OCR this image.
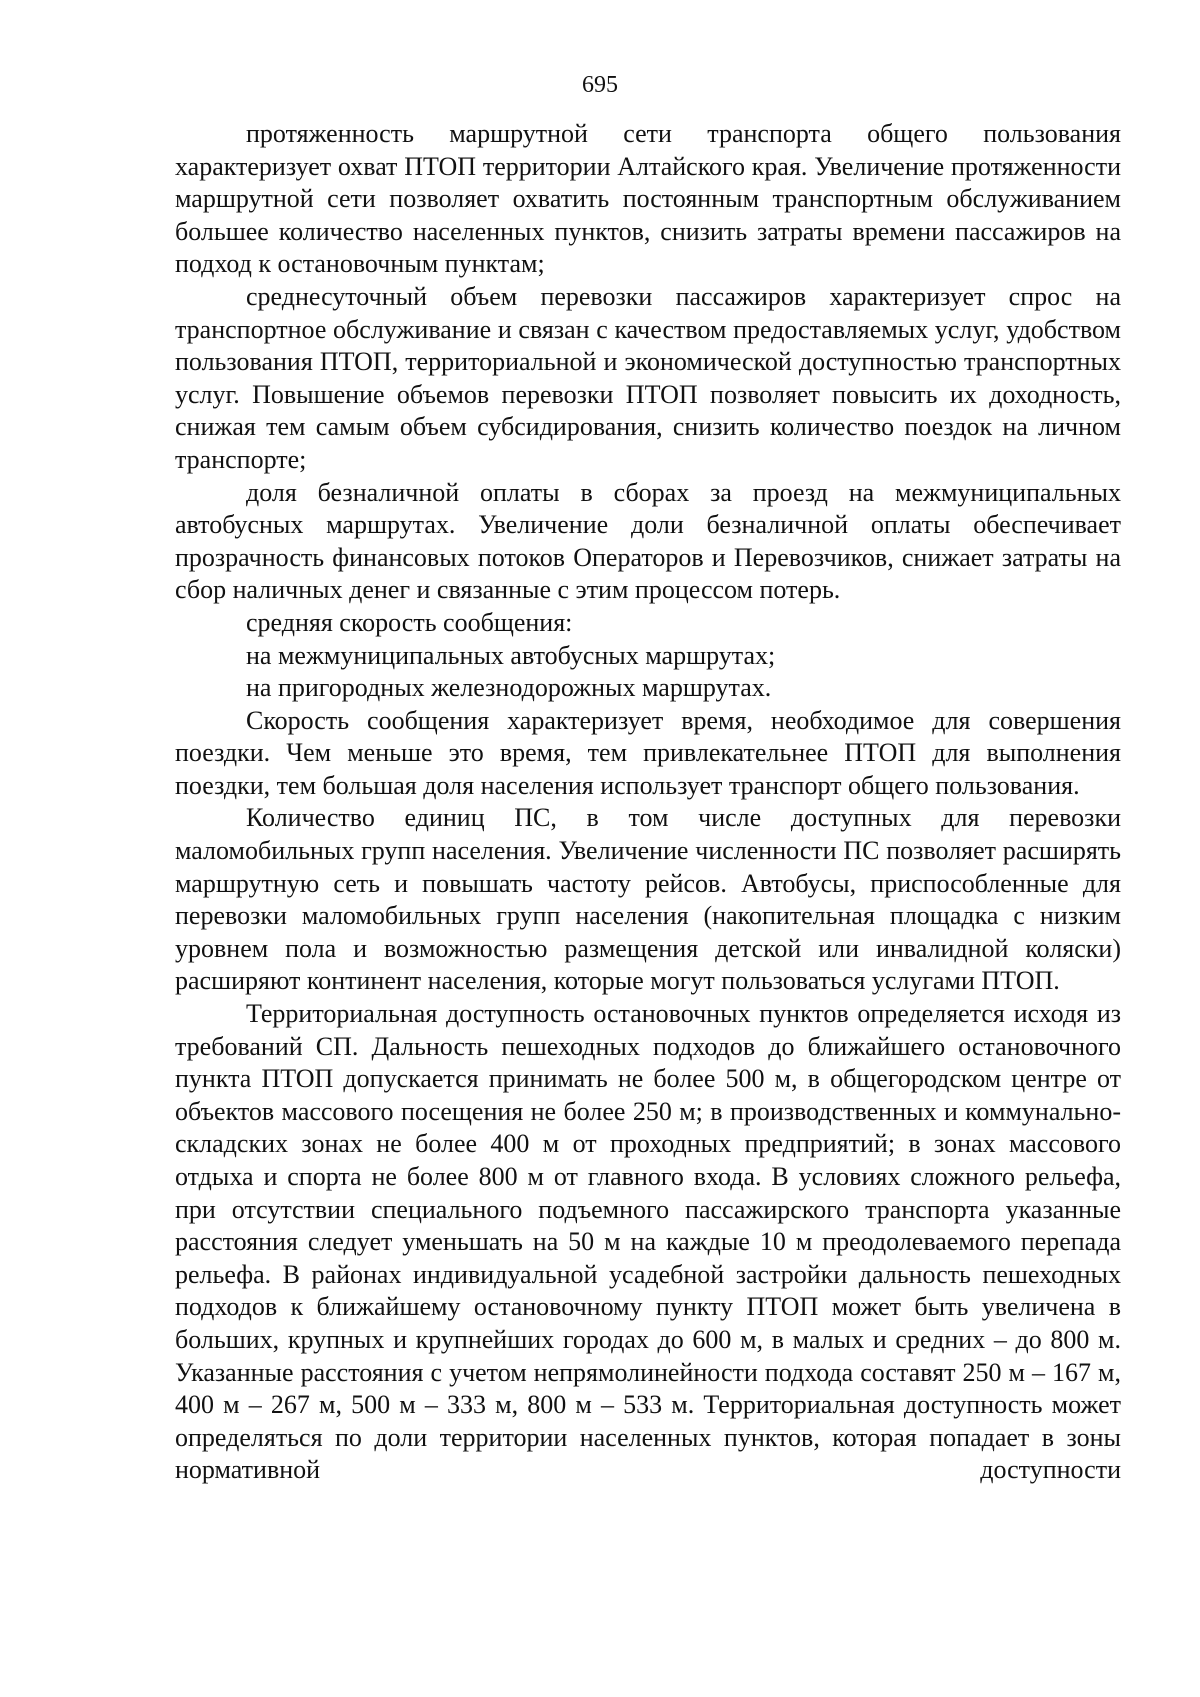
695

протяженность маршрутной сети транспорта общего пользования характеризует охват ПТОП территории Алтайского края. Увеличение протяженности маршрутной сети позволяет охватить постоянным транспортным обслуживанием большее количество населенных пунктов, снизить затраты времени пассажиров на подход к остановочным пунктам;

среднесуточный объем перевозки пассажиров характеризует спрос на транспортное обслуживание и связан с качеством предоставляемых услуг, удобством пользования ПТОП, территориальной и экономической доступностью транспортных услуг. Повышение объемов перевозки ПТОП позволяет повысить их доходность, снижая тем самым объем субсидирования, снизить количество поездок на личном транспорте;

доля безналичной оплаты в сборах за проезд на межмуниципальных автобусных маршрутах. Увеличение доли безналичной оплаты обеспечивает прозрачность финансовых потоков Операторов и Перевозчиков, снижает затраты на сбор наличных денег и связанные с этим процессом потерь.

средняя скорость сообщения:

на межмуниципальных автобусных маршрутах;

на пригородных железнодорожных маршрутах.

Скорость сообщения характеризует время, необходимое для совершения поездки. Чем меньше это время, тем привлекательнее ПТОП для выполнения поездки, тем большая доля населения использует транспорт общего пользования.

Количество единиц ПС, в том числе доступных для перевозки маломобильных групп населения. Увеличение численности ПС позволяет расширять маршрутную сеть и повышать частоту рейсов. Автобусы, приспособленные для перевозки маломобильных групп населения (накопительная площадка с низким уровнем пола и возможностью размещения детской или инвалидной коляски) расширяют континент населения, которые могут пользоваться услугами ПТОП.

Территориальная доступность остановочных пунктов определяется исходя из требований СП. Дальность пешеходных подходов до ближайшего остановочного пункта ПТОП допускается принимать не более 500 м, в общегородском центре от объектов массового посещения не более 250 м; в производственных и коммунально-складских зонах не более 400 м от проходных предприятий; в зонах массового отдыха и спорта не более 800 м от главного входа. В условиях сложного рельефа, при отсутствии специального подъемного пассажирского транспорта указанные расстояния следует уменьшать на 50 м на каждые 10 м преодолеваемого перепада рельефа. В районах индивидуальной усадебной застройки дальность пешеходных подходов к ближайшему остановочному пункту ПТОП может быть увеличена в больших, крупных и крупнейших городах до 600 м, в малых и средних – до 800 м. Указанные расстояния с учетом непрямолинейности подхода составят 250 м – 167 м, 400 м – 267 м, 500 м – 333 м, 800 м – 533 м. Территориальная доступность может определяться по доли территории населенных пунктов, которая попадает в зоны нормативной доступности
